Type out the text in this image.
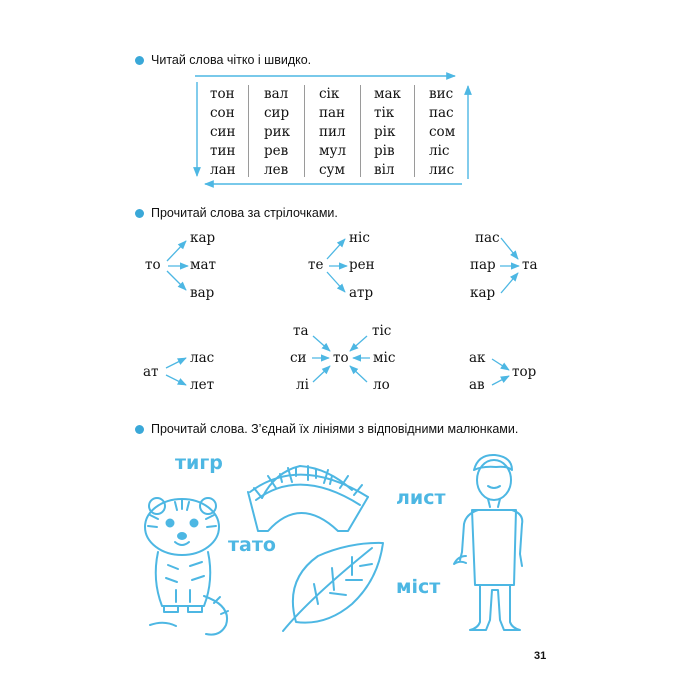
Читай слова чітко і швидко.
тон
сон
син
тин
лан
вал
сир
рик
рев
лев
сік
пан
пил
мул
сум
мак
тік
рік
рів
віл
вис
пас
сом
ліс
лис
Прочитай слова за стрілочками.
то
кар
мат
вар
те
ніс
рен
атр
пас
пар
кар
та
ат
лас
лет
то
та
си
лі
тіс
міс
ло
ак
ав
тор
Прочитай слова. З’єднай їх лініями з відповідними малюнками.
тигр
тато
лист
міст
31
